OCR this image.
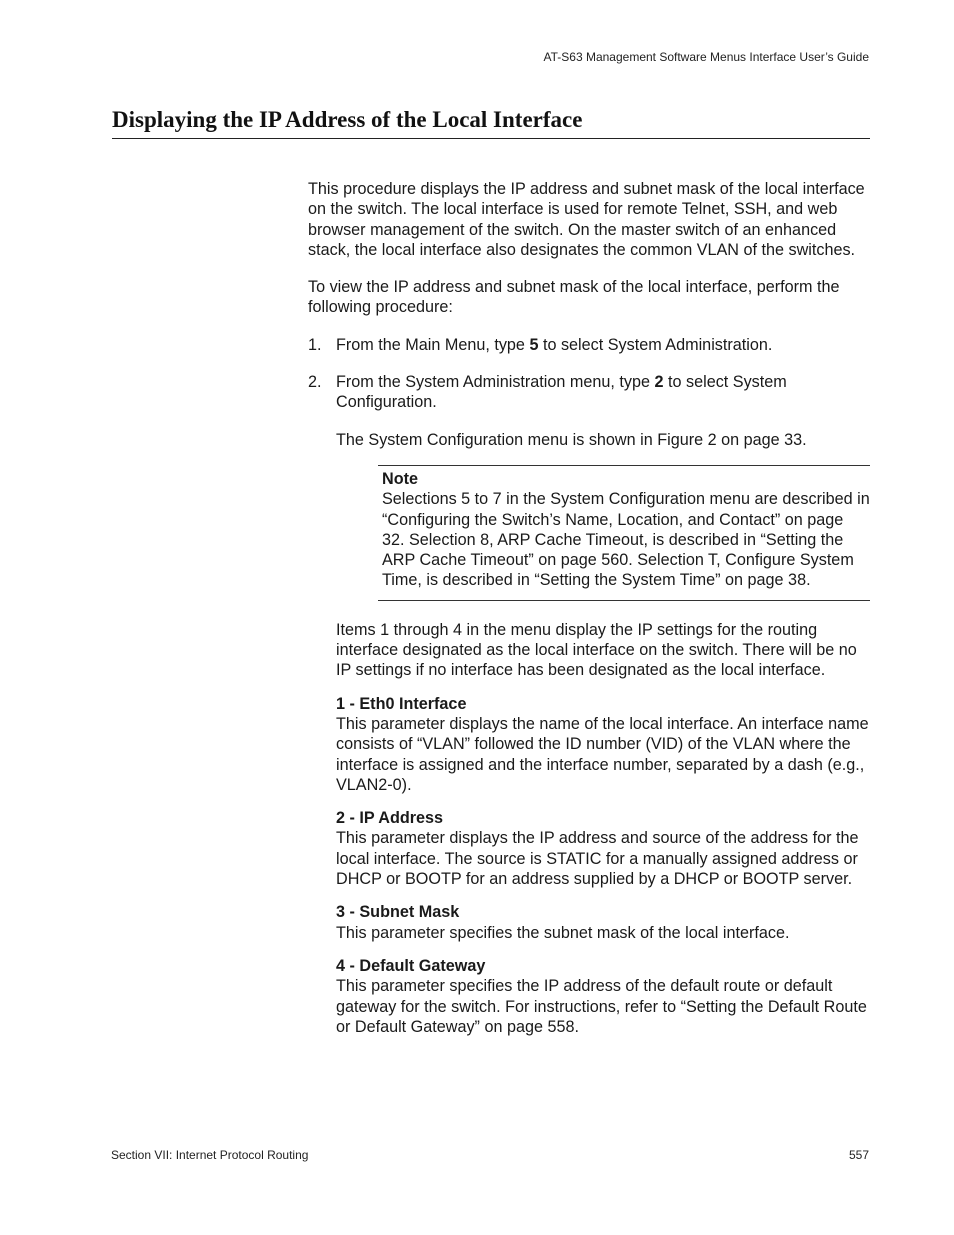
AT-S63 Management Software Menus Interface User’s Guide
Displaying the IP Address of the Local Interface

This procedure displays the IP address and subnet mask of the local interface on the switch. The local interface is used for remote Telnet, SSH, and web browser management of the switch. On the master switch of an enhanced stack, the local interface also designates the common VLAN of the switches.

To view the IP address and subnet mask of the local interface, perform the following procedure:

1. From the Main Menu, type 5 to select System Administration.
2. From the System Administration menu, type 2 to select System Configuration.

The System Configuration menu is shown in Figure 2 on page 33.

Note
Selections 5 to 7 in the System Configuration menu are described in “Configuring the Switch’s Name, Location, and Contact” on page 32. Selection 8, ARP Cache Timeout, is described in “Setting the ARP Cache Timeout” on page 560. Selection T, Configure System Time, is described in “Setting the System Time” on page 38.

Items 1 through 4 in the menu display the IP settings for the routing interface designated as the local interface on the switch. There will be no IP settings if no interface has been designated as the local interface.

1 - Eth0 Interface
This parameter displays the name of the local interface. An interface name consists of “VLAN” followed the ID number (VID) of the VLAN where the interface is assigned and the interface number, separated by a dash (e.g., VLAN2-0).
2 - IP Address
This parameter displays the IP address and source of the address for the local interface. The source is STATIC for a manually assigned address or DHCP or BOOTP for an address supplied by a DHCP or BOOTP server.
3 - Subnet Mask
This parameter specifies the subnet mask of the local interface.
4 - Default Gateway
This parameter specifies the IP address of the default route or default gateway for the switch. For instructions, refer to “Setting the Default Route or Default Gateway” on page 558.
Section VII: Internet Protocol Routing	557
